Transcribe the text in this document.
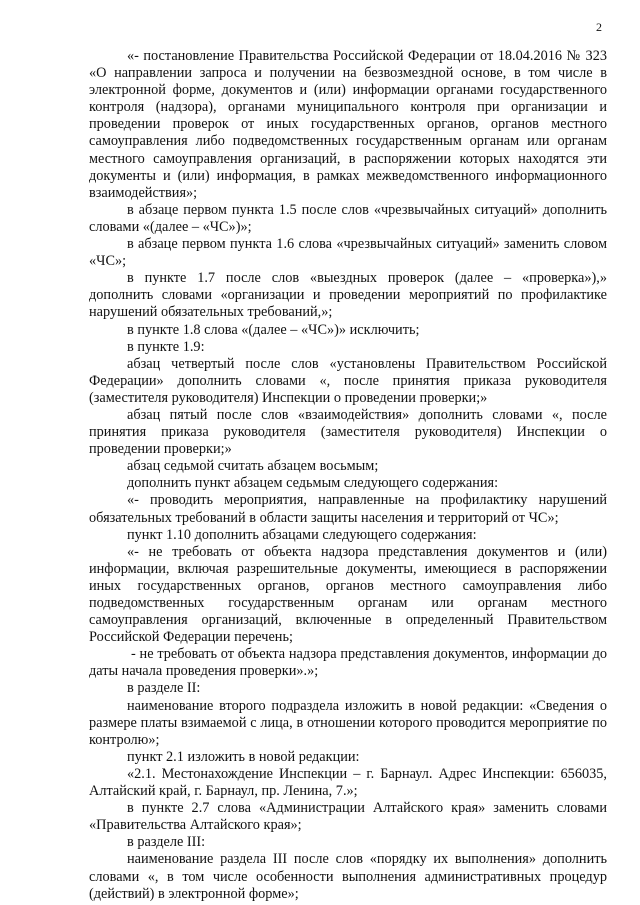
2

«- постановление Правительства Российской Федерации от 18.04.2016 № 323 «О направлении запроса и получении на безвозмездной основе, в том числе в электронной форме, документов и (или) информации органами государственного контроля (надзора), органами муниципального контроля при организации и проведении проверок от иных государственных органов, органов местного самоуправления либо подведомственных государственным органам или органам местного самоуправления организаций, в распоряжении которых находятся эти документы и (или) информация, в рамках межведомственного информационного взаимодействия»;

в абзаце первом пункта 1.5 после слов «чрезвычайных ситуаций» дополнить словами «(далее – «ЧС»)»;

в абзаце первом пункта 1.6 слова «чрезвычайных ситуаций» заменить словом «ЧС»;

в пункте 1.7 после слов «выездных проверок (далее – «проверка»),» дополнить словами «организации и проведении мероприятий по профилактике нарушений обязательных требований,»;

в пункте 1.8 слова «(далее – «ЧС»)» исключить;

в пункте 1.9:

абзац четвертый после слов «установлены Правительством Российской Федерации» дополнить словами «, после принятия приказа руководителя (заместителя руководителя) Инспекции о проведении проверки;»

абзац пятый после слов «взаимодействия» дополнить словами «, после принятия приказа руководителя (заместителя руководителя) Инспекции о проведении проверки;»

абзац седьмой считать абзацем восьмым;

дополнить пункт абзацем седьмым следующего содержания:

«- проводить мероприятия, направленные на профилактику нарушений обязательных требований в области защиты населения и территорий от ЧС»;

пункт 1.10 дополнить абзацами следующего содержания:

«- не требовать от объекта надзора представления документов и (или) информации, включая разрешительные документы, имеющиеся в распоряжении иных государственных органов, органов местного самоуправления либо подведомственных государственным органам или органам местного самоуправления организаций, включенные в определенный Правительством Российской Федерации перечень;

- не требовать от объекта надзора представления документов, информации до даты начала проведения проверки».»;

в разделе II:

наименование второго подраздела изложить в новой редакции: «Сведения о размере платы взимаемой с лица, в отношении которого проводится мероприятие по контролю»;

пункт 2.1 изложить в новой редакции:

«2.1. Местонахождение Инспекции – г. Барнаул. Адрес Инспекции: 656035, Алтайский край, г. Барнаул, пр. Ленина, 7.»;

в пункте 2.7 слова «Администрации Алтайского края» заменить словами «Правительства Алтайского края»;

в разделе III:

наименование раздела III после слов «порядку их выполнения» дополнить словами «, в том числе особенности выполнения административных процедур (действий) в электронной форме»;
